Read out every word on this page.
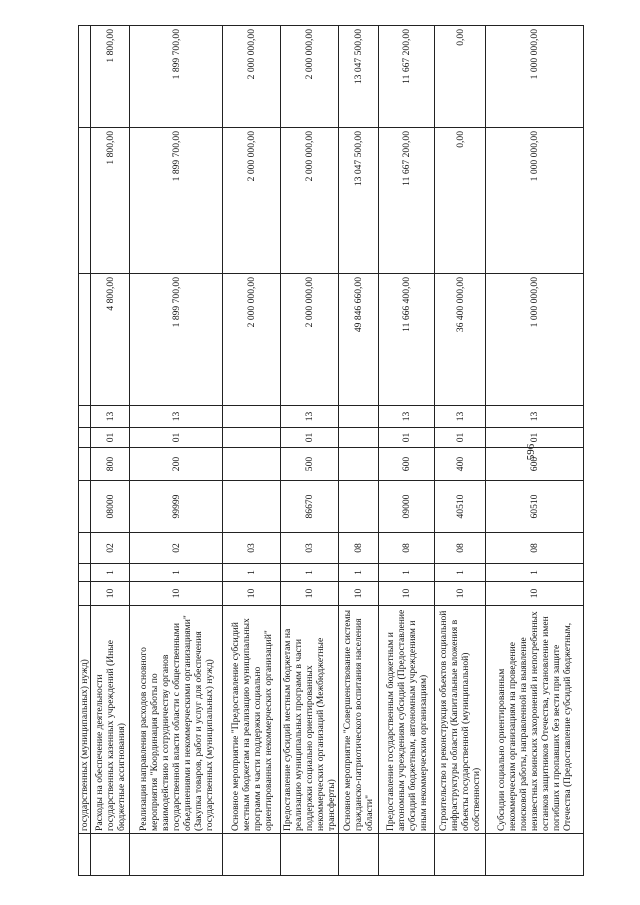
596
	государственных (муниципальных) нужд)										
	Расходы на обеспечение деятельности государственных казенных учреждений (Иные бюджетные ассигнования)	10	1	02	08000	800	01	13	4 800,00	1 800,00	1 800,00
	Реализация направления расходов основного мероприятия "Координация работы по взаимодействию и сотрудничеству органов государственной власти области с общественными объединениями и некоммерческими организациями" (Закупка товаров, работ и услуг для обеспечения государственных (муниципальных) нужд)	10	1	02	99999	200	01	13	1 899 700,00	1 899 700,00	1 899 700,00
	Основное мероприятие "Предоставление субсидий местным бюджетам на реализацию муниципальных программ в части поддержки социально ориентированных некоммерческих организаций"	10	1	03					2 000 000,00	2 000 000,00	2 000 000,00
	Предоставление субсидий местным бюджетам на реализацию муниципальных программ в части поддержки социально ориентированных некоммерческих организаций (Межбюджетные трансферты)	10	1	03	86670	500	01	13	2 000 000,00	2 000 000,00	2 000 000,00
	Основное мероприятие "Совершенствование системы гражданско-патриотического воспитания населения области"	10	1	08					49 846 660,00	13 047 500,00	13 047 500,00
	Предоставление государственным бюджетным и автономным учреждениям субсидий (Предоставление субсидий бюджетным, автономным учреждениям и иным некоммерческим организациям)	10	1	08	09000	600	01	13	11 666 400,00	11 667 200,00	11 667 200,00
	Строительство и реконструкция объектов социальной инфраструктуры области (Капитальные вложения в объекты государственной (муниципальной) собственности)	10	1	08	40510	400	01	13	36 400 000,00	0,00	0,00
	Субсидии социально ориентированным некоммерческим организациям на проведение поисковой работы, направленной на выявление неизвестных воинских захоронений и непогребенных останков защитников Отечества, установление имен погибших и пропавших без вести при защите Отечества (Предоставление субсидий бюджетным,	10	1	08	60510	600	01	13	1 000 000,00	1 000 000,00	1 000 000,00
